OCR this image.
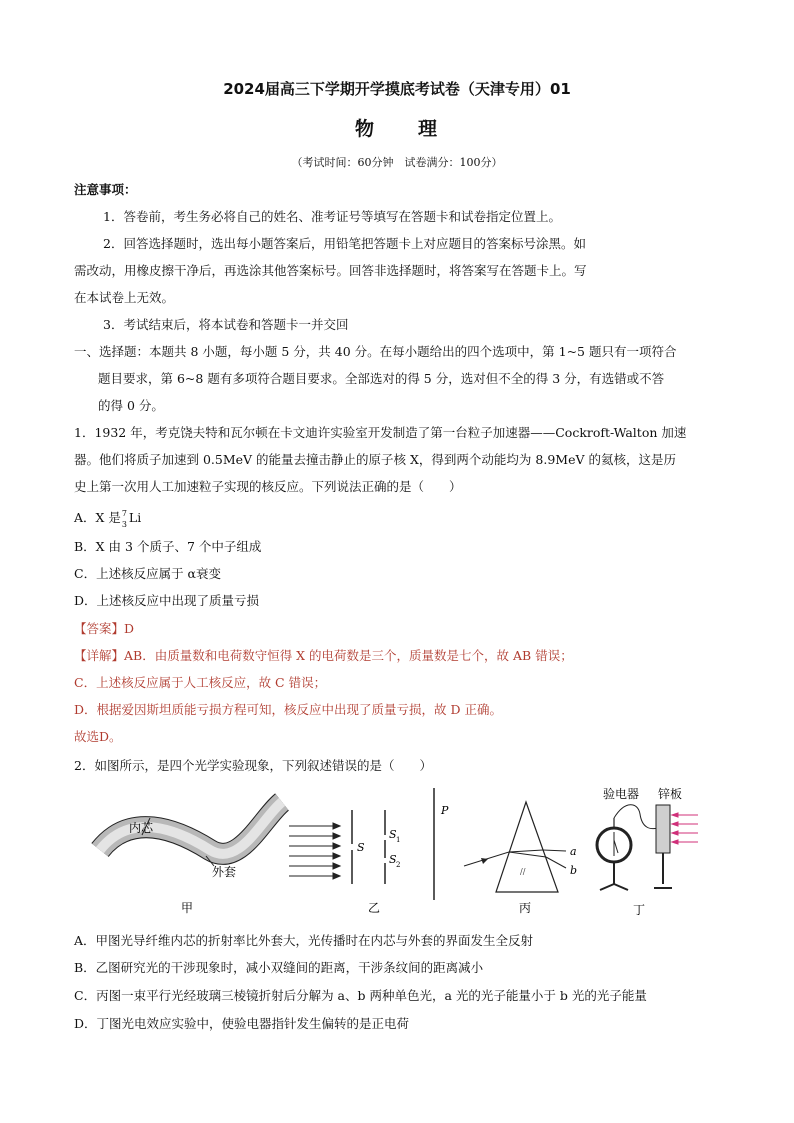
2024届高三下学期开学摸底考试卷（天津专用）01
物　　理
（考试时间：60分钟　试卷满分：100分）
注意事项：
1．答卷前，考生务必将自己的姓名、准考证号等填写在答题卡和试卷指定位置上。
2．回答选择题时，选出每小题答案后，用铅笔把答题卡上对应题目的答案标号涂黑。如
需改动，用橡皮擦干净后，再选涂其他答案标号。回答非选择题时，将答案写在答题卡上。写
在本试卷上无效。
3．考试结束后，将本试卷和答题卡一并交回
一、选择题：本题共 8 小题，每小题 5 分，共 40 分。在每小题给出的四个选项中，第 1~5 题只有一项符合
题目要求，第 6~8 题有多项符合题目要求。全部选对的得 5 分，选对但不全的得 3 分，有选错或不答
的得 0 分。
1．1932 年，考克饶夫特和瓦尔顿在卡文迪许实验室开发制造了第一台粒子加速器——Cockroft-Walton 加速
器。他们将质子加速到 0.5MeV 的能量去撞击静止的原子核 X，得到两个动能均为 8.9MeV 的氦核，这是历
史上第一次用人工加速粒子实现的核反应。下列说法正确的是（　　）
A．X 是 7
3 Li
B．X 由 3 个质子、7 个中子组成
C．上述核反应属于 α衰变
D．上述核反应中出现了质量亏损
【答案】D
【详解】AB．由质量数和电荷数守恒得 X 的电荷数是三个，质量数是七个，故 AB 错误；
C．上述核反应属于人工核反应，故 C 错误；
D．根据爱因斯坦质能亏损方程可知，核反应中出现了质量亏损，故 D 正确。
故选D。
2．如图所示，是四个光学实验现象，下列叙述错误的是（　　）
内芯
外套
甲
S
S 1
S 2
P
乙
//
a
b
丙
验电器 锌板
丁
A．甲图光导纤维内芯的折射率比外套大，光传播时在内芯与外套的界面发生全反射
B．乙图研究光的干涉现象时，减小双缝间的距离，干涉条纹间的距离减小
C．丙图一束平行光经玻璃三棱镜折射后分解为 a、b 两种单色光，a 光的光子能量小于 b 光的光子能量
D．丁图光电效应实验中，使验电器指针发生偏转的是正电荷
